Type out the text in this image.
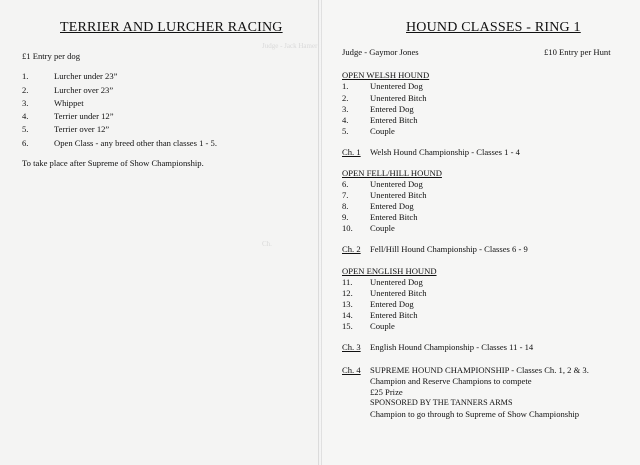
Judge - Jack Hamer
Ch.
TERRIER AND LURCHER RACING
£1 Entry per dog
1.	Lurcher under 23”
2.	Lurcher over 23”
3.	Whippet
4.	Terrier under 12”
5.	Terrier over 12”
6.	Open Class - any breed other than classes 1 - 5.
To take place after Supreme of Show Championship.
HOUND CLASSES - RING 1
Judge - Gaymor Jones	£10 Entry per Hunt
OPEN WELSH HOUND
1.	Unentered Dog
2.	Unentered Bitch
3.	Entered Dog
4.	Entered Bitch
5.	Couple
Ch. 1 Welsh Hound Championship - Classes 1 - 4
OPEN FELL/HILL HOUND
6.	Unentered Dog
7.	Unentered Bitch
8.	Entered Dog
9.	Entered Bitch
10. Couple
Ch. 2 Fell/Hill Hound Championship - Classes 6 - 9
OPEN ENGLISH HOUND
11. Unentered Dog
12. Unentered Bitch
13. Entered Dog
14. Entered Bitch
15. Couple
Ch. 3 English Hound Championship - Classes 11 - 14
Ch. 4 SUPREME HOUND CHAMPIONSHIP - Classes Ch. 1, 2 & 3.
Champion and Reserve Champions to compete
£25 Prize
SPONSORED BY THE TANNERS ARMS
Champion to go through to Supreme of Show Championship
